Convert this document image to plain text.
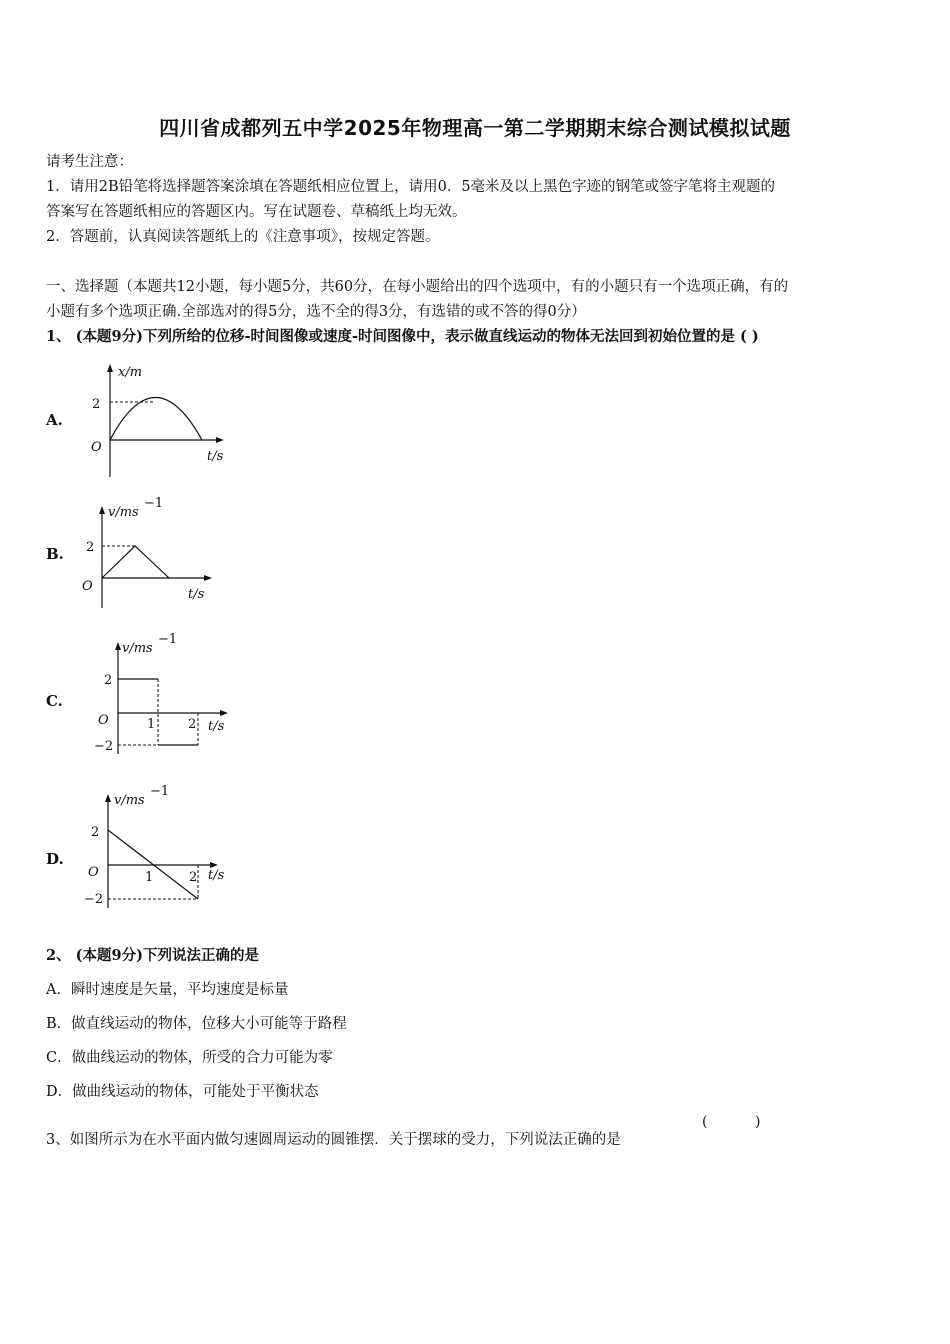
四川省成都列五中学2025年物理高一第二学期期末综合测试模拟试题
请考生注意：
1．请用2B铅笔将选择题答案涂填在答题纸相应位置上，请用0．5毫米及以上黑色字迹的钢笔或签字笔将主观题的
答案写在答题纸相应的答题区内。写在试题卷、草稿纸上均无效。
2．答题前，认真阅读答题纸上的《注意事项》，按规定答题。
一、选择题（本题共12小题，每小题5分，共60分，在每小题给出的四个选项中，有的小题只有一个选项正确，有的
小题有多个选项正确.全部选对的得5分，选不全的得3分，有选错的或不答的得0分）
1、 (本题9分)下列所给的位移-时间图像或速度-时间图像中，表示做直线运动的物体无法回到初始位置的是 ( )
A.
x/m
2
O
t/s
B.
v/ms
−1
2
O
t/s
C.
v/ms
−1
2
O	1	2
−2
t/s
D.
v/ms
−1
2
O	1	2
−2
t/s
2、 (本题9分)下列说法正确的是
A．瞬时速度是矢量，平均速度是标量
B．做直线运动的物体，位移大小可能等于路程
C．做曲线运动的物体，所受的合力可能为零
D．做曲线运动的物体，可能处于平衡状态
3、如图所示为在水平面内做匀速圆周运动的圆锥摆．关于摆球的受力，下列说法正确的是
(	)
